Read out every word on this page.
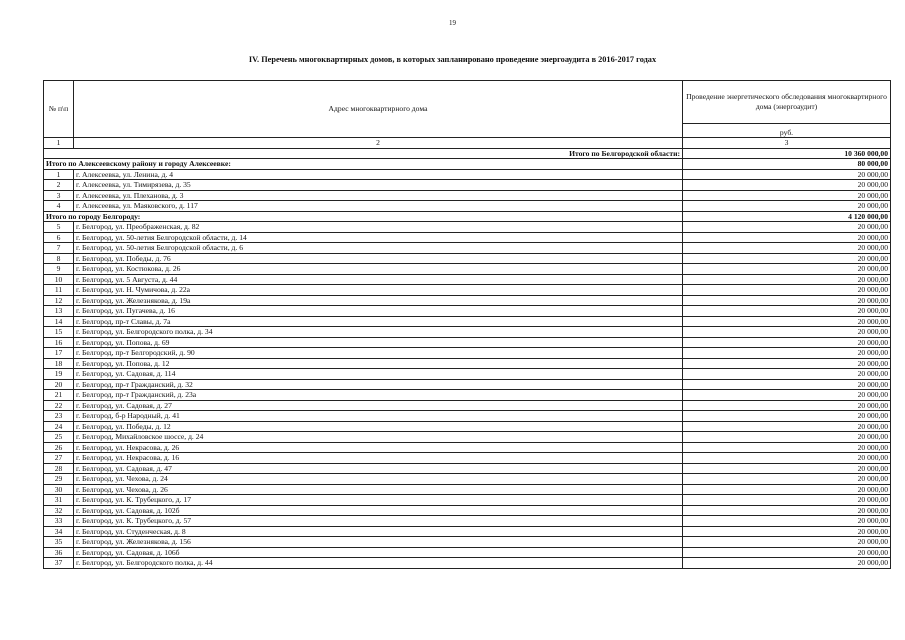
19
IV. Перечень многоквартирных домов, в которых запланировано проведение энергоаудита в 2016-2017 годах
№ п\п	Адрес многоквартирного дома	Проведение энергетического обследования многоквартирного дома (энергоаудит)
		руб.
1	2	3
Итого по Белгородской области:		10 360 000,00
Итого по Алексеевскому району и городу Алексеевке:		80 000,00
1	г. Алексеевка, ул. Ленина, д. 4	20 000,00
2	г. Алексеевка, ул. Тимирязева, д. 35	20 000,00
3	г. Алексеевка, ул. Плеханова, д. 3	20 000,00
4	г. Алексеевка, ул. Маяковского, д. 117	20 000,00
Итого по городу Белгороду:		4 120 000,00
5	г. Белгород, ул. Преображенская, д. 82	20 000,00
6	г. Белгород, ул. 50-летия Белгородской области, д. 14	20 000,00
7	г. Белгород, ул. 50-летия Белгородской области, д. 6	20 000,00
8	г. Белгород, ул. Победы, д. 76	20 000,00
9	г. Белгород, ул. Костюкова, д. 26	20 000,00
10	г. Белгород, ул. 5 Августа, д. 44	20 000,00
11	г. Белгород, ул. Н. Чумичова, д. 22а	20 000,00
12	г. Белгород, ул. Железнякова, д. 19а	20 000,00
13	г. Белгород, ул. Пугачева, д. 16	20 000,00
14	г. Белгород, пр-т Славы, д. 7а	20 000,00
15	г. Белгород, ул. Белгородского полка, д. 34	20 000,00
16	г. Белгород, ул. Попова, д. 69	20 000,00
17	г. Белгород, пр-т Белгородский, д. 90	20 000,00
18	г. Белгород, ул. Попова, д. 12	20 000,00
19	г. Белгород, ул. Садовая, д. 114	20 000,00
20	г. Белгород, пр-т Гражданский, д. 32	20 000,00
21	г. Белгород, пр-т Гражданский, д. 23а	20 000,00
22	г. Белгород, ул. Садовая, д. 27	20 000,00
23	г. Белгород, б-р Народный, д. 41	20 000,00
24	г. Белгород, ул. Победы, д. 12	20 000,00
25	г. Белгород, Михайловское шоссе, д. 24	20 000,00
26	г. Белгород, ул. Некрасова, д. 26	20 000,00
27	г. Белгород, ул. Некрасова, д. 16	20 000,00
28	г. Белгород, ул. Садовая, д. 47	20 000,00
29	г. Белгород, ул. Чехова, д. 24	20 000,00
30	г. Белгород, ул. Чехова, д. 26	20 000,00
31	г. Белгород, ул. К. Трубецкого, д. 17	20 000,00
32	г. Белгород, ул. Садовая, д. 102б	20 000,00
33	г. Белгород, ул. К. Трубецкого, д. 57	20 000,00
34	г. Белгород, ул. Студенческая, д. 8	20 000,00
35	г. Белгород, ул. Железнякова, д. 156	20 000,00
36	г. Белгород, ул. Садовая, д. 106б	20 000,00
37	г. Белгород, ул. Белгородского полка, д. 44	20 000,00
